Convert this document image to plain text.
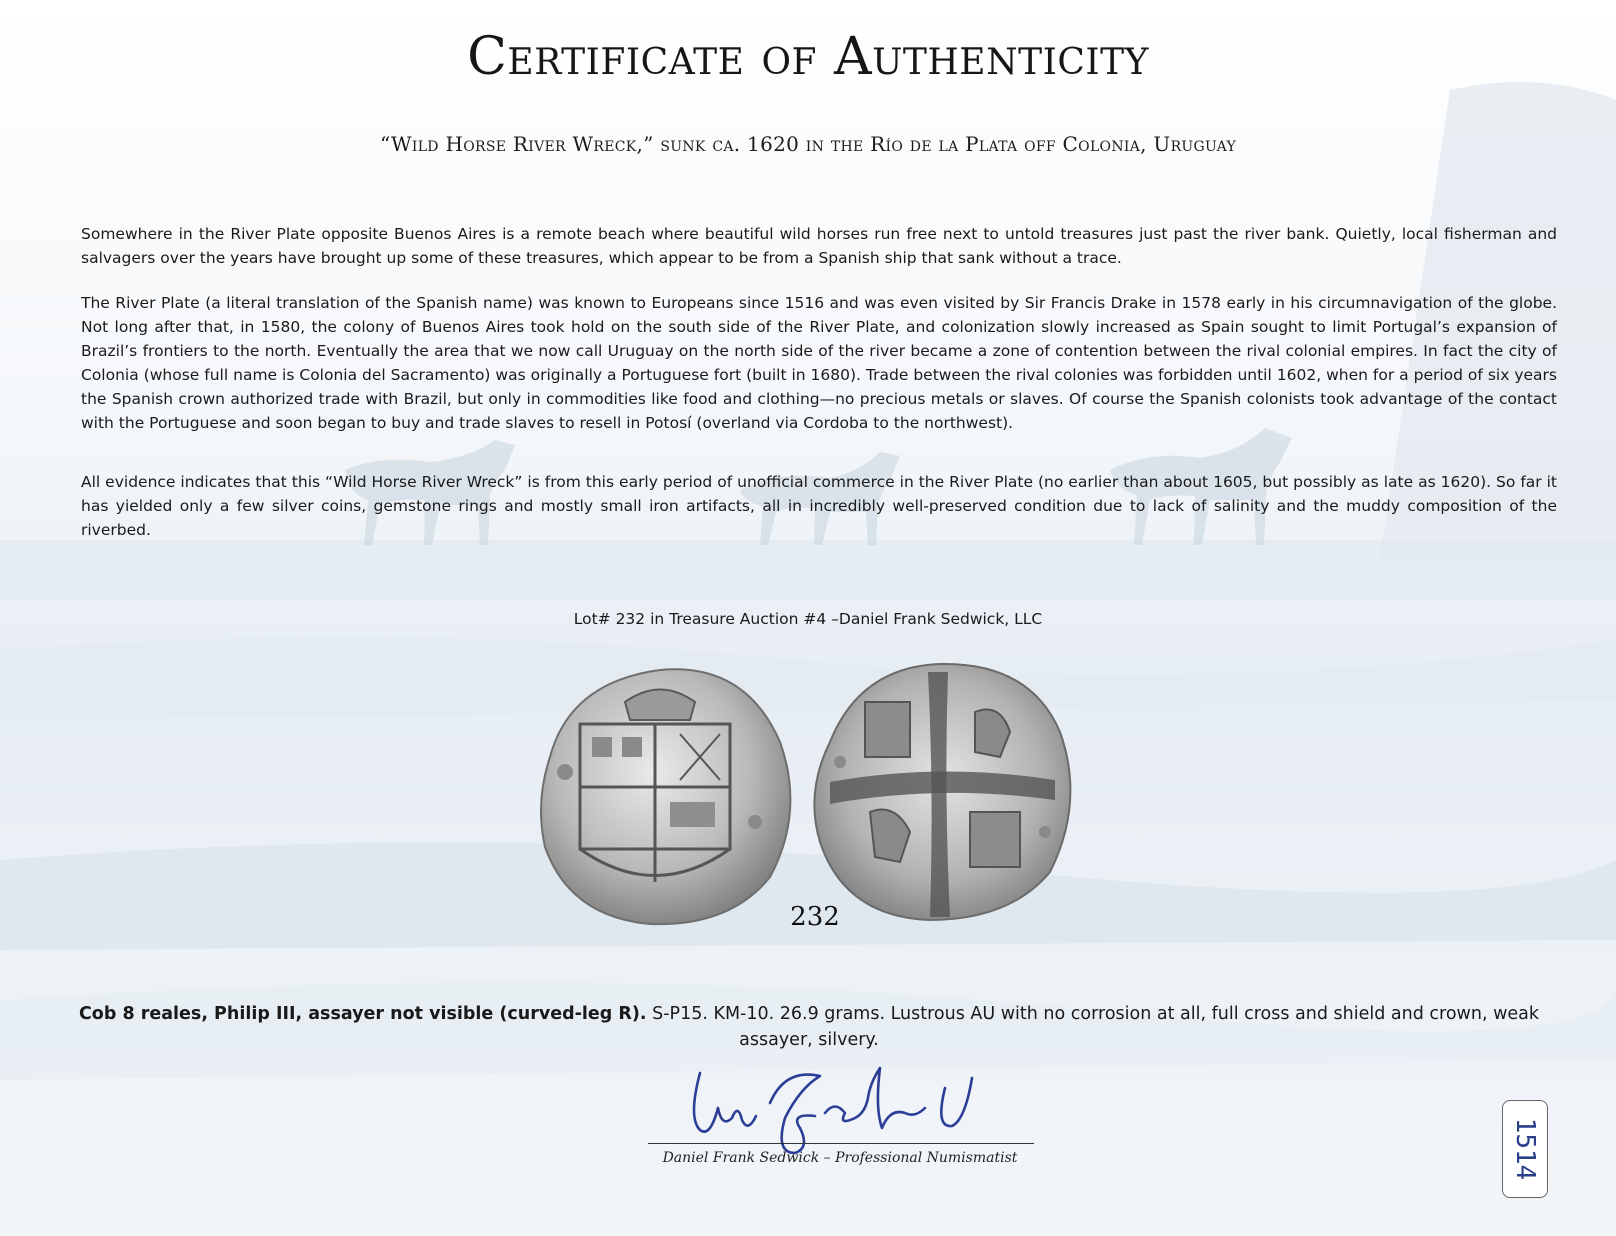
Certificate of Authenticity
“Wild Horse River Wreck,” sunk ca. 1620 in the Río de la Plata off Colonia, Uruguay

Somewhere in the River Plate opposite Buenos Aires is a remote beach where beautiful wild horses run free next to untold treasures just past the river bank. Quietly, local fisherman and salvagers over the years have brought up some of these treasures, which appear to be from a Spanish ship that sank without a trace.

The River Plate (a literal translation of the Spanish name) was known to Europeans since 1516 and was even visited by Sir Francis Drake in 1578 early in his circumnavigation of the globe. Not long after that, in 1580, the colony of Buenos Aires took hold on the south side of the River Plate, and colonization slowly increased as Spain sought to limit Portugal’s expansion of Brazil’s frontiers to the north. Eventually the area that we now call Uruguay on the north side of the river became a zone of contention between the rival colonial empires. In fact the city of Colonia (whose full name is Colonia del Sacramento) was originally a Portuguese fort (built in 1680). Trade between the rival colonies was forbidden until 1602, when for a period of six years the Spanish crown authorized trade with Brazil, but only in commodities like food and clothing—no precious metals or slaves. Of course the Spanish colonists took advantage of the contact with the Portuguese and soon began to buy and trade slaves to resell in Potosí (overland via Cordoba to the northwest).

All evidence indicates that this “Wild Horse River Wreck” is from this early period of unofficial commerce in the River Plate (no earlier than about 1605, but possibly as late as 1620). So far it has yielded only a few silver coins, gemstone rings and mostly small iron artifacts, all in incredibly well-preserved condition due to lack of salinity and the muddy composition of the riverbed.

Lot# 232 in Treasure Auction #4 –Daniel Frank Sedwick, LLC
232
Cob 8 reales, Philip III, assayer not visible (curved-leg R). S-P15. KM-10. 26.9 grams. Lustrous AU with no corrosion at all, full cross and shield and crown, weak assayer, silvery.
Daniel Frank Sedwick – Professional Numismatist	1514
